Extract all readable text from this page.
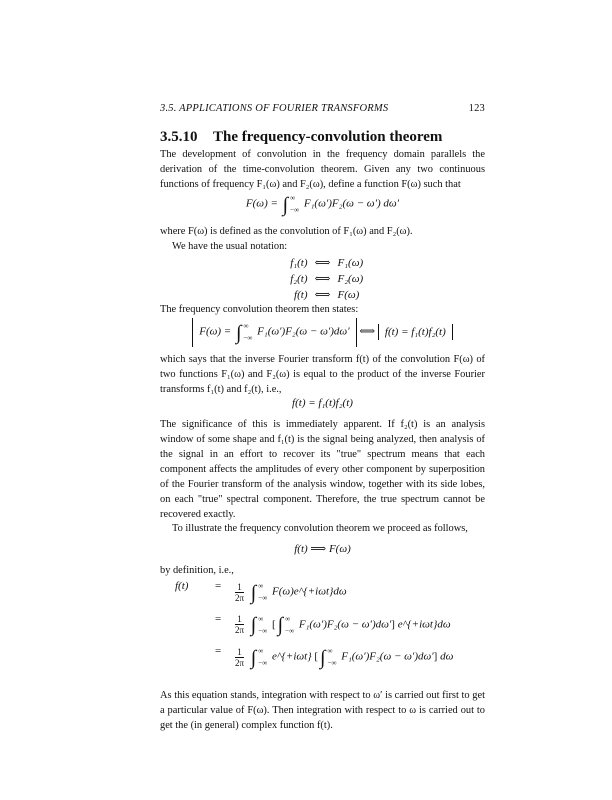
3.5. APPLICATIONS OF FOURIER TRANSFORMS	123
3.5.10 The frequency-convolution theorem

The development of convolution in the frequency domain parallels the derivation of the time-convolution theorem. Given any two continuous functions of frequency F₁(ω) and F₂(ω), define a function F(ω) such that

F(ω) = ∫ ∞
−∞
F₁(ω′)F₂(ω − ω′) dω′

where F(ω) is defined as the convolution of F₁(ω) and F₂(ω).

We have the usual notation:

f₁(t) ⟺ F₁(ω)
f₂(t) ⟺ F₂(ω)
f(t) ⟺ F(ω)

The frequency convolution theorem then states:

F(ω) = ∫ ∞
−∞
F₁(ω′)F₂(ω − ω′)dω′ ⟺ f(t) = f₁(t)f₂(t)

which says that the inverse Fourier transform f(t) of the convolution F(ω) of two functions F₁(ω) and F₂(ω) is equal to the product of the inverse Fourier transforms f₁(t) and f₂(t), i.e.,

f(t) = f₁(t)f₂(t)

The significance of this is immediately apparent. If f₂(t) is an analysis window of some shape and f₁(t) is the signal being analyzed, then analysis of the signal in an effort to recover its "true" spectrum means that each component affects the amplitudes of every other component by superposition of the Fourier transform of the analysis window, together with its side lobes, on each "true" spectral component. Therefore, the true spectrum cannot be recovered exactly.

To illustrate the frequency convolution theorem we proceed as follows,

f(t) ⟹ F(ω)

by definition, i.e.,

f(t)	=	$\frac{1}{2\pi}$ ∫ ∞
−∞
F(ω)e^{+iωt}dω
=	$\frac{1}{2\pi}$ ∫ ∞
−∞
[ ∫ ∞
−∞
F₁(ω′)F₂(ω − ω′)dω′] e^{+iωt}dω
=	$\frac{1}{2\pi}$ ∫ ∞
−∞
e^{+iωt} [ ∫ ∞
−∞
F₁(ω′)F₂(ω − ω′)dω′] dω

As this equation stands, integration with respect to ω′ is carried out first to get a particular value of F(ω). Then integration with respect to ω is carried out to get the (in general) complex function f(t).
